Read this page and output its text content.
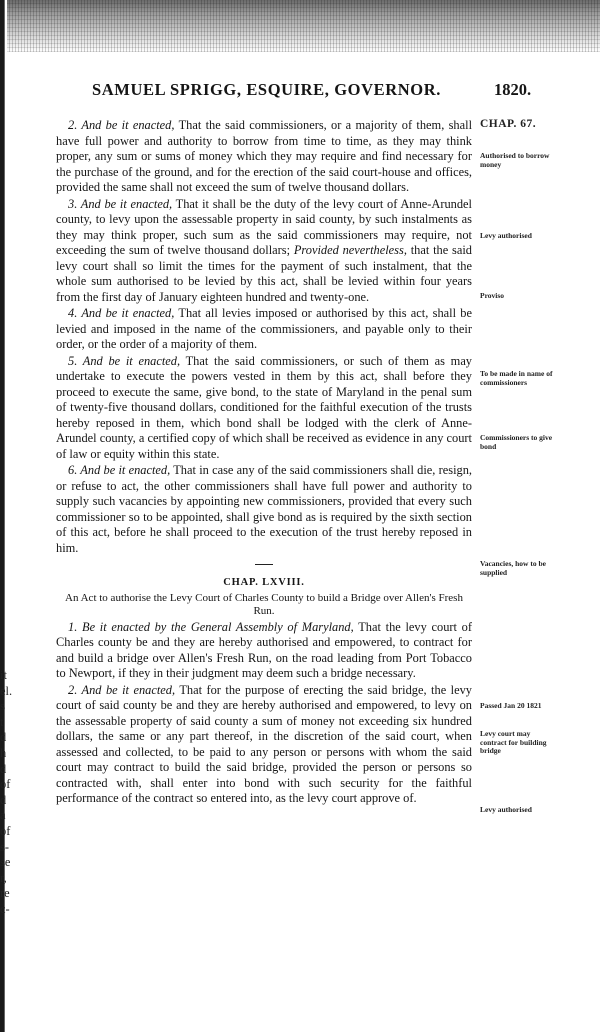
SAMUEL SPRIGG, ESQUIRE, GOVERNOR.	1820.

2. And be it enacted, That the said commissioners, or a majority of them, shall have full power and authority to borrow from time to time, as they may think proper, any sum or sums of money which they may require and find necessary for the purchase of the ground, and for the erection of the said court-house and offices, provided the same shall not exceed the sum of twelve thousand dollars.

3. And be it enacted, That it shall be the duty of the levy court of Anne-Arundel county, to levy upon the assessable property in said county, by such instalments as they may think proper, such sum as the said commissioners may require, not exceeding the sum of twelve thousand dollars; Provided nevertheless, that the said levy court shall so limit the times for the payment of such instalment, that the whole sum authorised to be levied by this act, shall be levied within four years from the first day of January eighteen hundred and twenty-one.

4. And be it enacted, That all levies imposed or authorised by this act, shall be levied and imposed in the name of the commissioners, and payable only to their order, or the order of a majority of them.

5. And be it enacted, That the said commissioners, or such of them as may undertake to execute the powers vested in them by this act, shall before they proceed to execute the same, give bond, to the state of Maryland in the penal sum of twenty-five thousand dollars, conditioned for the faithful execution of the trusts hereby reposed in them, which bond shall be lodged with the clerk of Anne-Arundel county, a certified copy of which shall be received as evidence in any court of law or equity within this state.

6. And be it enacted, That in case any of the said commissioners shall die, resign, or refuse to act, the other commissioners shall have full power and authority to supply such vacancies by appointing new commissioners, provided that every such commissioner so to be appointed, shall give bond as is required by the sixth section of this act, before he shall proceed to the execution of the trust hereby reposed in him.

CHAP. LXVIII.

An Act to authorise the Levy Court of Charles County to build a Bridge over Allen's Fresh Run.

1. Be it enacted by the General Assembly of Maryland, That the levy court of Charles county be and they are hereby authorised and empowered, to contract for and build a bridge over Allen's Fresh Run, on the road leading from Port Tobacco to Newport, if they in their judgment may deem such a bridge necessary.

2. And be it enacted, That for the purpose of erecting the said bridge, the levy court of said county be and they are hereby authorised and empowered, to levy on the assessable property of said county a sum of money not exceeding six hundred dollars, the same or any part thereof, in the discretion of the said court, when assessed and collected, to be paid to any person or persons with whom the said court may contract to build the said bridge, provided the person or persons so contracted with, shall enter into bond with such security for the faithful performance of the contract so entered into, as the levy court approve of.

CHAP. 67.
Authorised to borrow money
Levy authorised
Proviso
To be made in name of commissioners
Commissioners to give bond
Vacancies, how to be supplied
Passed Jan 20 1821
Levy court may contract for building bridge
Levy authorised
it
el.
s
t
d
h
d
of
d
a
of
s-
se
r,
re
c-
